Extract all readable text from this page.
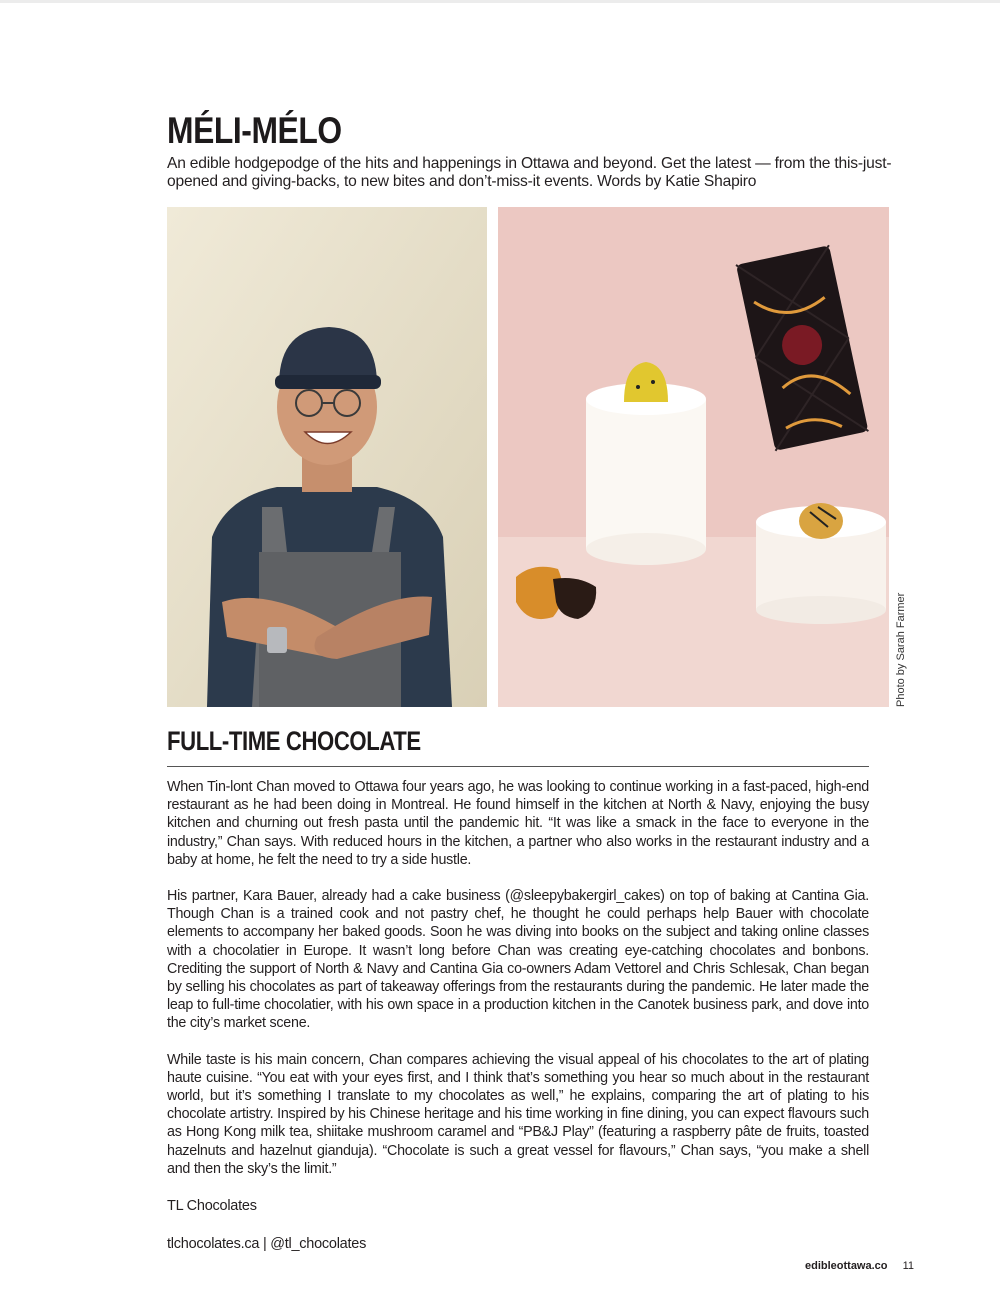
MÉLI-MÉLO

An edible hodgepodge of the hits and happenings in Ottawa and beyond. Get the latest — from the this-just-opened and giving-backs, to new bites and don’t-miss-it events. Words by Katie Shapiro

Photo by Sarah Farmer

FULL-TIME CHOCOLATE

When Tin-lont Chan moved to Ottawa four years ago, he was looking to continue working in a fast-paced, high-end restaurant as he had been doing in Montreal. He found himself in the kitchen at North & Navy, enjoying the busy kitchen and churning out fresh pasta until the pandemic hit. “It was like a smack in the face to everyone in the industry,” Chan says. With reduced hours in the kitchen, a partner who also works in the restaurant industry and a baby at home, he felt the need to try a side hustle.

His partner, Kara Bauer, already had a cake business (@sleepybakergirl_cakes) on top of baking at Cantina Gia. Though Chan is a trained cook and not pastry chef, he thought he could perhaps help Bauer with chocolate elements to accompany her baked goods. Soon he was diving into books on the subject and taking online classes with a chocolatier in Europe. It wasn’t long before Chan was creating eye-catching chocolates and bonbons. Crediting the support of North & Navy and Cantina Gia co-owners Adam Vettorel and Chris Schlesak, Chan began by selling his chocolates as part of takeaway offerings from the restaurants during the pandemic. He later made the leap to full-time chocolatier, with his own space in a production kitchen in the Canotek business park, and dove into the city’s market scene.

While taste is his main concern, Chan compares achieving the visual appeal of his chocolates to the art of plating haute cuisine. “You eat with your eyes first, and I think that’s something you hear so much about in the restaurant world, but it’s something I translate to my chocolates as well,” he explains, comparing the art of plating to his chocolate artistry. Inspired by his Chinese heritage and his time working in fine dining, you can expect flavours such as Hong Kong milk tea, shiitake mushroom caramel and “PB&J Play” (featuring a raspberry pâte de fruits, toasted hazelnuts and hazelnut gianduja). “Chocolate is such a great vessel for flavours,” Chan says, “you make a shell and then the sky’s the limit.”

TL Chocolates

tlchocolates.ca | @tl_chocolates

edibleottawa.co 11
